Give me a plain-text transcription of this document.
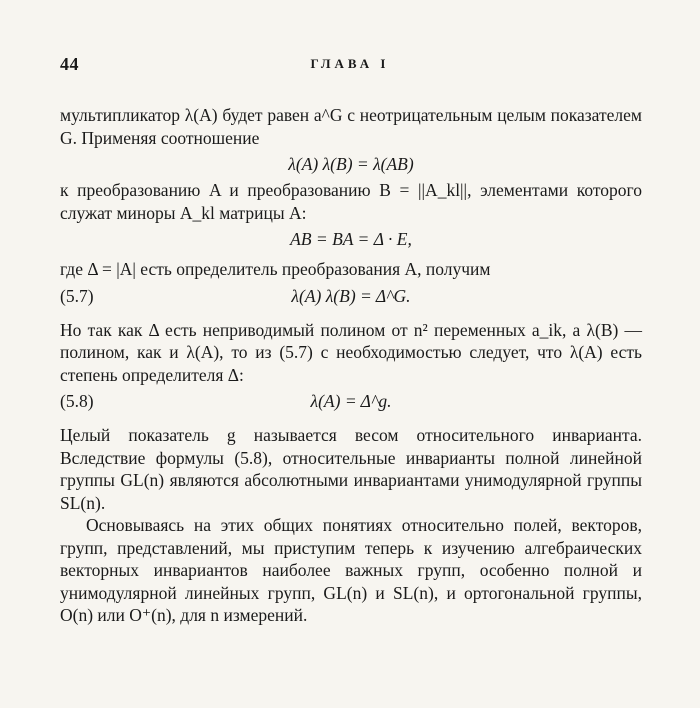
44	ГЛАВА I

мультипликатор λ(A) будет равен a^G с неотрицательным целым показателем G. Применяя соотношение

λ(A) λ(B) = λ(AB)

к преобразованию A и преобразованию B = ||A_kl||, элементами которого служат миноры A_kl матрицы A:

AB = BA = Δ · E,

где Δ = |A| есть определитель преобразования A, получим

(5.7)	λ(A) λ(B) = Δ^G.

Но так как Δ есть неприводимый полином от n² переменных a_ik, а λ(B) — полином, как и λ(A), то из (5.7) с необходимостью следует, что λ(A) есть степень определителя Δ:

(5.8)	λ(A) = Δ^g.

Целый показатель g называется весом относительного инварианта. Вследствие формулы (5.8), относительные инварианты полной линейной группы GL(n) являются абсолютными инвариантами унимодулярной группы SL(n).

Основываясь на этих общих понятиях относительно полей, векторов, групп, представлений, мы приступим теперь к изучению алгебраических векторных инвариантов наиболее важных групп, особенно полной и унимодулярной линейных групп, GL(n) и SL(n), и ортогональной группы, O(n) или O⁺(n), для n измерений.
